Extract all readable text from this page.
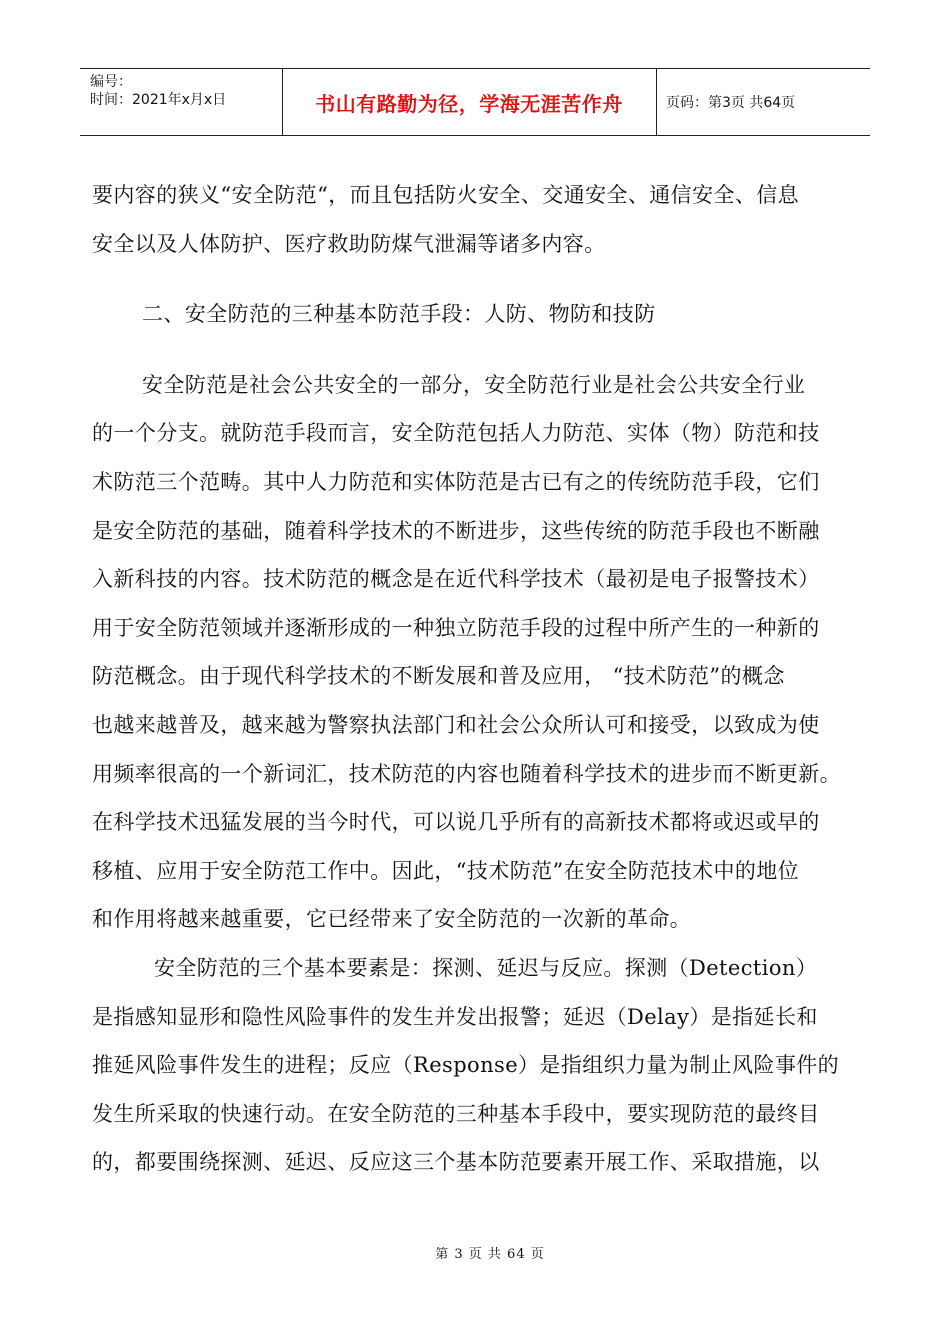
编号：
时间：2021年x月x日	书山有路勤为径，学海无涯苦作舟	页码：第3页 共64页
要内容的狭义“安全防范“，而且包括防火安全、交通安全、通信安全、信息
安全以及人体防护、医疗救助防煤气泄漏等诸多内容。
二、安全防范的三种基本防范手段：人防、物防和技防
安全防范是社会公共安全的一部分，安全防范行业是社会公共安全行业
的一个分支。就防范手段而言，安全防范包括人力防范、实体（物）防范和技
术防范三个范畴。其中人力防范和实体防范是古已有之的传统防范手段，它们
是安全防范的基础，随着科学技术的不断进步，这些传统的防范手段也不断融
入新科技的内容。技术防范的概念是在近代科学技术（最初是电子报警技术）
用于安全防范领域并逐渐形成的一种独立防范手段的过程中所产生的一种新的
防范概念。由于现代科学技术的不断发展和普及应用， “技术防范”的概念
也越来越普及，越来越为警察执法部门和社会公众所认可和接受，以致成为使
用频率很高的一个新词汇，技术防范的内容也随着科学技术的进步而不断更新。
在科学技术迅猛发展的当今时代，可以说几乎所有的高新技术都将或迟或早的
移植、应用于安全防范工作中。因此，“技术防范”在安全防范技术中的地位
和作用将越来越重要，它已经带来了安全防范的一次新的革命。
安全防范的三个基本要素是：探测、延迟与反应。探测（Detection）
是指感知显形和隐性风险事件的发生并发出报警；延迟（Delay）是指延长和
推延风险事件发生的进程；反应（Response）是指组织力量为制止风险事件的
发生所采取的快速行动。在安全防范的三种基本手段中，要实现防范的最终目
的，都要围绕探测、延迟、反应这三个基本防范要素开展工作、采取措施，以
第 3 页 共 64 页
